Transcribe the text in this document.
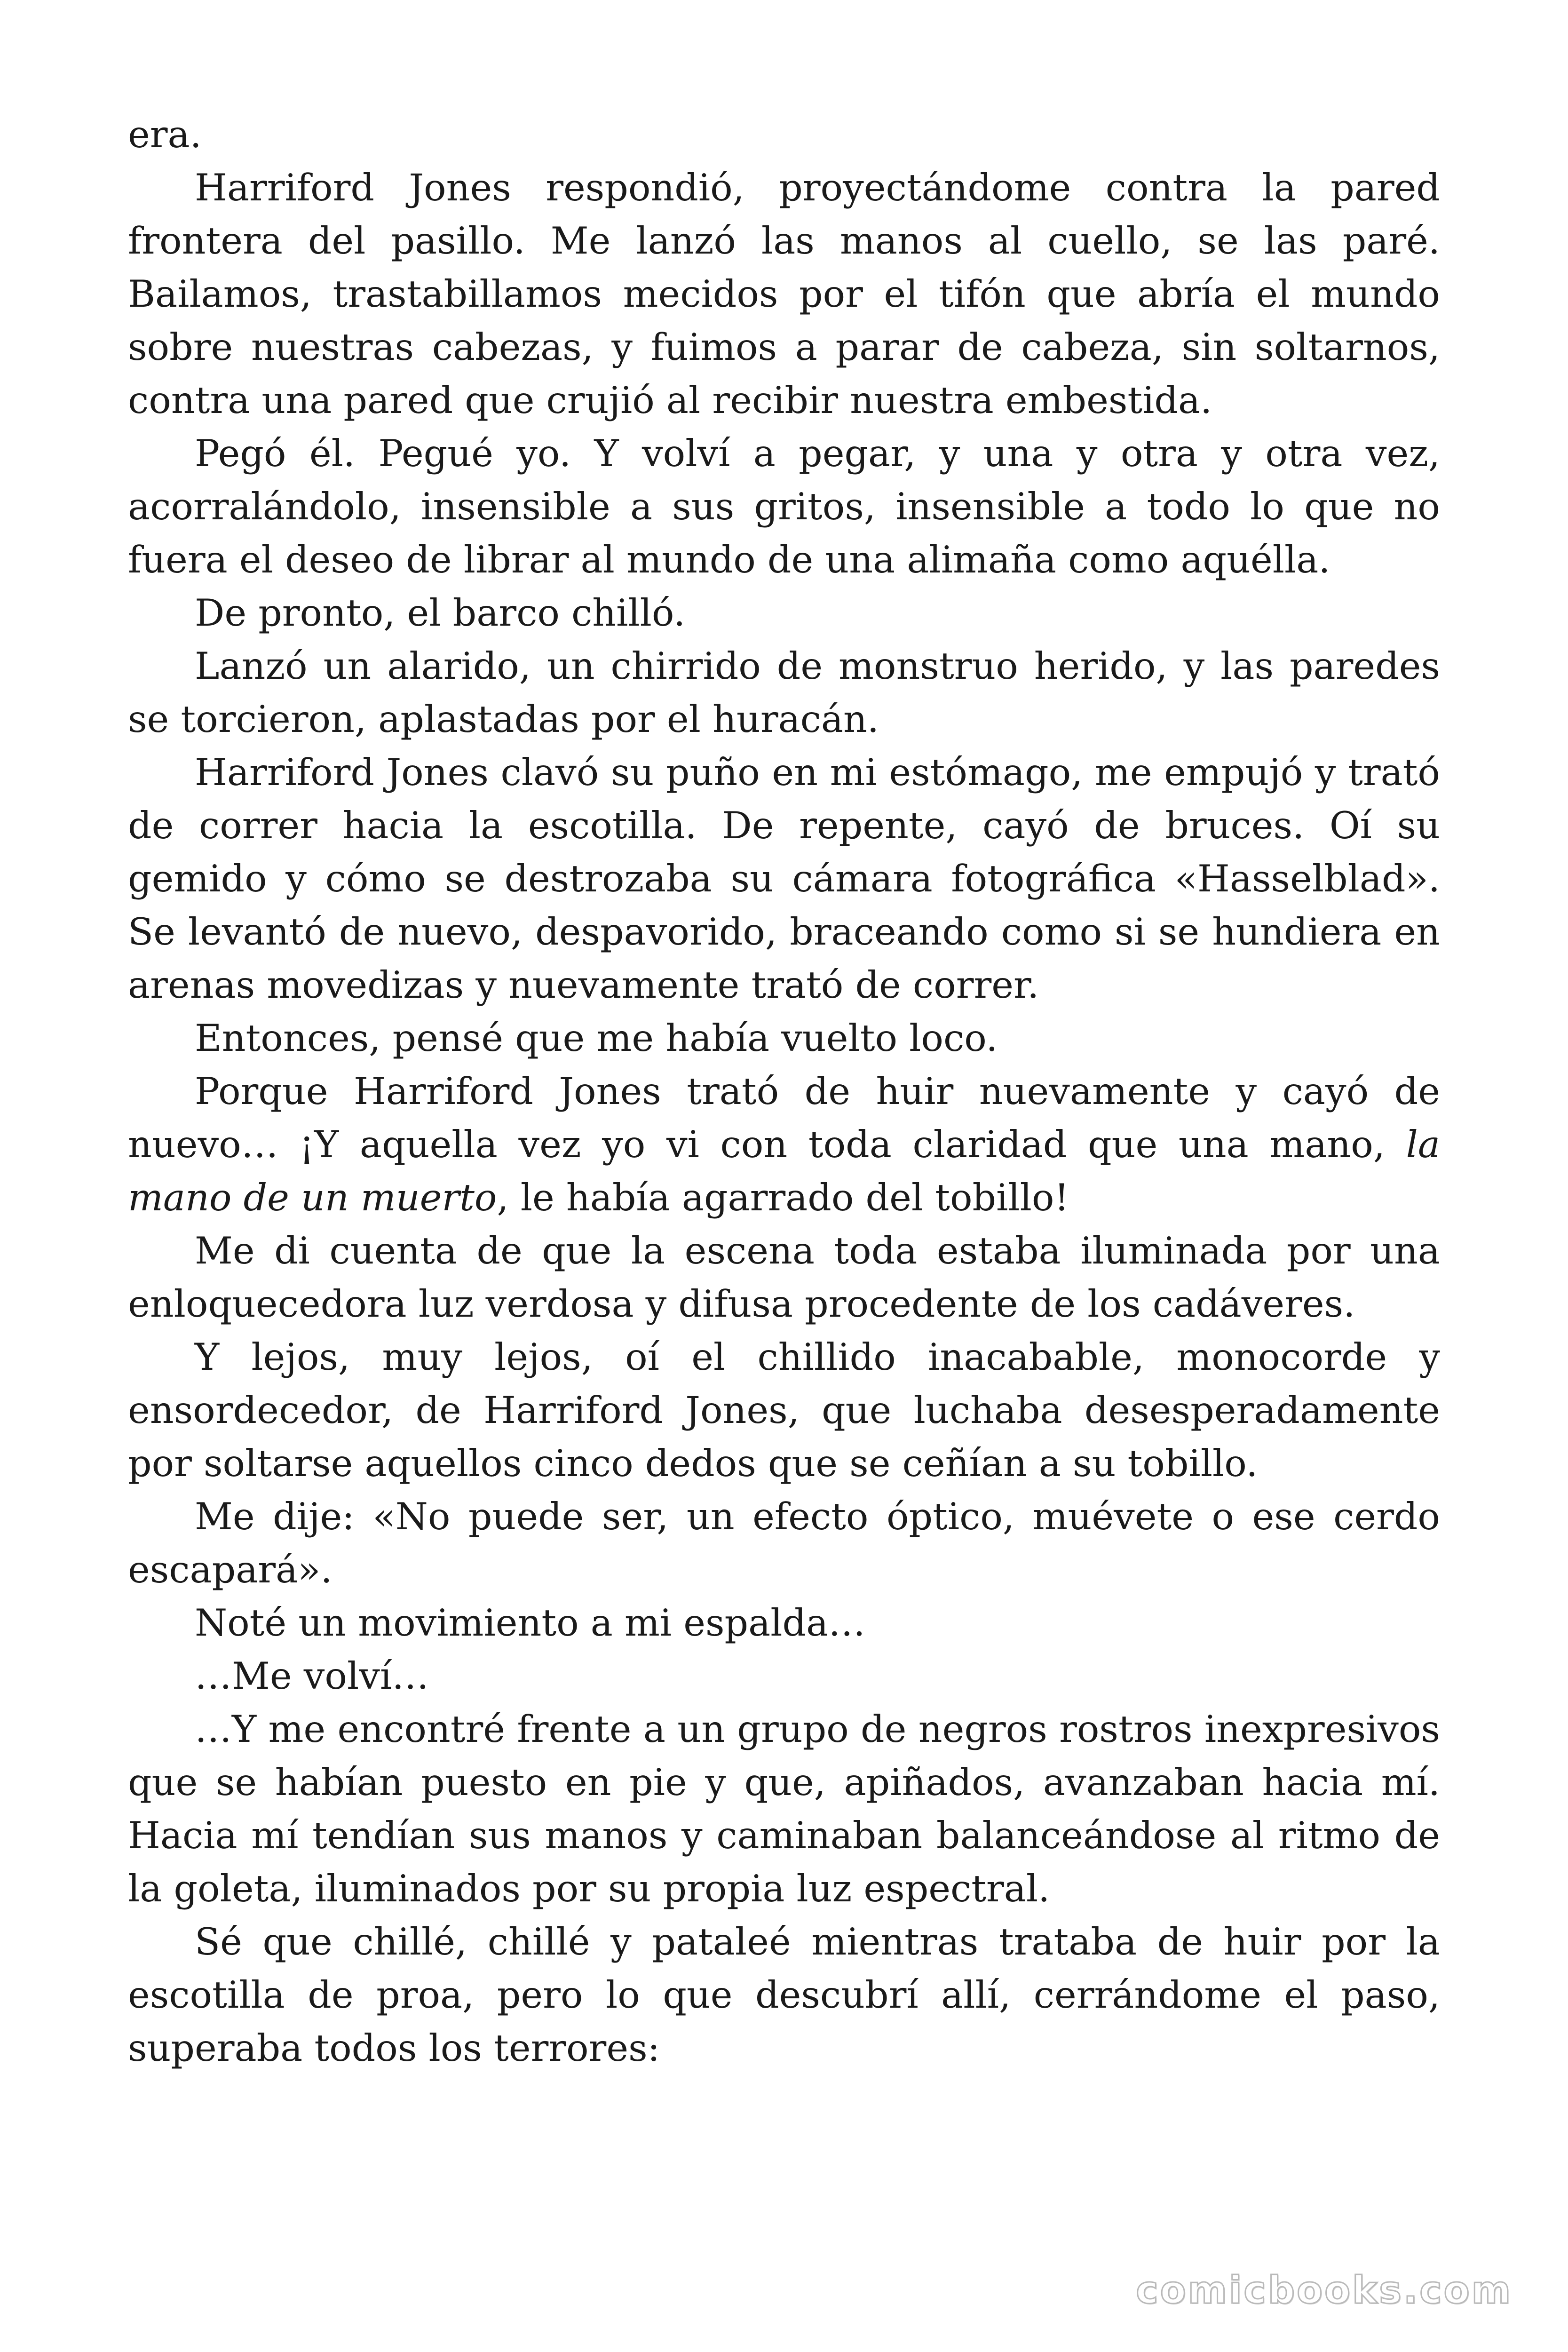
era.

Harriford Jones respondió, proyectándome contra la pared frontera del pasillo. Me lanzó las manos al cuello, se las paré. Bailamos, trastabillamos mecidos por el tifón que abría el mundo sobre nuestras cabezas, y fuimos a parar de cabeza, sin soltarnos, contra una pared que crujió al recibir nuestra embestida.

Pegó él. Pegué yo. Y volví a pegar, y una y otra y otra vez, acorralándolo, insensible a sus gritos, insensible a todo lo que no fuera el deseo de librar al mundo de una alimaña como aquélla.

De pronto, el barco chilló.

Lanzó un alarido, un chirrido de monstruo herido, y las paredes se torcieron, aplastadas por el huracán.

Harriford Jones clavó su puño en mi estómago, me empujó y trató de correr hacia la escotilla. De repente, cayó de bruces. Oí su gemido y cómo se destrozaba su cámara fotográfica «Hasselblad». Se levantó de nuevo, despavorido, braceando como si se hundiera en arenas movedizas y nuevamente trató de correr.

Entonces, pensé que me había vuelto loco.

Porque Harriford Jones trató de huir nuevamente y cayó de nuevo… ¡Y aquella vez yo vi con toda claridad que una mano, la mano de un muerto, le había agarrado del tobillo!

Me di cuenta de que la escena toda estaba iluminada por una enloquecedora luz verdosa y difusa procedente de los cadáveres.

Y lejos, muy lejos, oí el chillido inacabable, monocorde y ensordecedor, de Harriford Jones, que luchaba desesperadamente por soltarse aquellos cinco dedos que se ceñían a su tobillo.

Me dije: «No puede ser, un efecto óptico, muévete o ese cerdo escapará».

Noté un movimiento a mi espalda…

…Me volví…

…Y me encontré frente a un grupo de negros rostros inexpresivos que se habían puesto en pie y que, apiñados, avanzaban hacia mí. Hacia mí tendían sus manos y caminaban balanceándose al ritmo de la goleta, iluminados por su propia luz espectral.

Sé que chillé, chillé y pataleé mientras trataba de huir por la escotilla de proa, pero lo que descubrí allí, cerrándome el paso, superaba todos los terrores:

comicbooks.com
